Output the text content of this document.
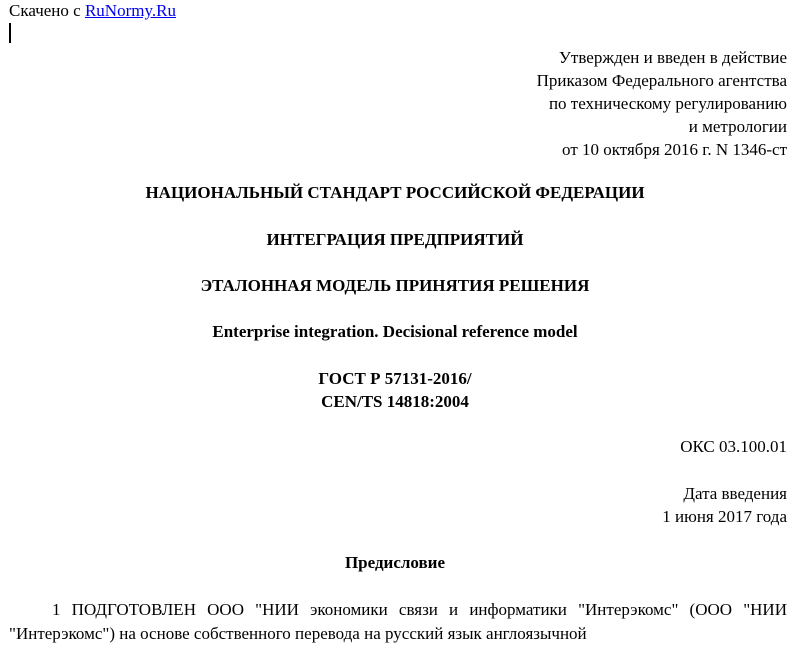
Скачено с RuNormy.Ru
Утвержден и введен в действие
Приказом Федерального агентства
по техническому регулированию
и метрологии
от 10 октября 2016 г. N 1346-ст
НАЦИОНАЛЬНЫЙ СТАНДАРТ РОССИЙСКОЙ ФЕДЕРАЦИИ
ИНТЕГРАЦИЯ ПРЕДПРИЯТИЙ
ЭТАЛОННАЯ МОДЕЛЬ ПРИНЯТИЯ РЕШЕНИЯ
Enterprise integration. Decisional reference model
ГОСТ Р 57131-2016/
CEN/TS 14818:2004
ОКС 03.100.01
Дата введения
1 июня 2017 года
Предисловие
1 ПОДГОТОВЛЕН ООО "НИИ экономики связи и информатики "Интерэкомс" (ООО "НИИ "Интерэкомс") на основе собственного перевода на русский язык англоязычной
